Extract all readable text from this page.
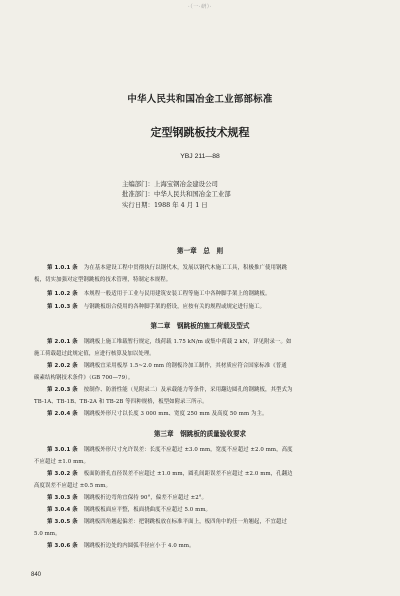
·（一·研）·
中华人民共和国冶金工业部部标准
定型钢跳板技术规程
YBJ 211—88
主编部门：上海宝钢冶金建设公司
批准部门：中华人民共和国冶金工业部
实行日期：1988 年 4 月 1 日
第一章　总　则
第 1.0.1 条 为在基本建设工程中贯彻执行以钢代木，发展以钢代木施工工具，积极推广使用钢跳
板，切实加强对定型钢跳板的技术管理，特制定本规程。
第 1.0.2 条 本规程一般适用于工业与民用建筑安装工程等施工中各种脚手架上的钢跳板。
第 1.0.3 条 与钢跳板组合使用的各种脚手架的搭设，应按有关的规程或规定进行施工。
第二章　钢跳板的施工荷载及型式
第 2.0.1 条 钢跳板上施工堆载暂行规定，线荷载 1.75 kN/m 或集中荷载 2 kN，详见附录一。如
施工荷载超过此规定值，应进行核算及加以处理。
第 2.0.2 条 钢跳板宜采用板厚 1.5~2.0 mm 的钢板冷加工制作，其材质应符合国家标准《普通
碳素结构钢技术条件》（GB 700—79）。
第 2.0.3 条 按制作、防滑性能（见附录二）及承载能力等条件，采用翻边圆孔的钢跳板，其型式为
TB-1A、TB-1B、TB-2A 和 TB-2B 等四种规格，板型如附录三所示。
第 2.0.4 条 钢跳板外形尺寸以长度 3 000 mm、宽度 250 mm 及高度 50 mm 为主。
第三章　钢跳板的质量验收要求
第 3.0.1 条 钢跳板外形尺寸允许误差：长度不应超过 ±3.0 mm，宽度不应超过 ±2.0 mm，高度
不应超过 ±1.0 mm。
第 3.0.2 条 板面防滑孔直径误差不应超过 ±1.0 mm，圆孔间距误差不应超过 ±2.0 mm，孔翻边
高度误差不应超过 ±0.5 mm。
第 3.0.3 条 钢跳板折边弯角宜保持 90°，偏差不应超过 ±2°。
第 3.0.4 条 钢跳板板面应平整，板面挠曲度不应超过 5.0 mm。
第 3.0.5 条 钢跳板四角翘起偏差：把钢跳板放在标准平面上，板四角中的任一角翘起，不宜超过
5.0 mm。
第 3.0.6 条 钢跳板折边处的内圆弧半径应小于 4.0 mm。
840
